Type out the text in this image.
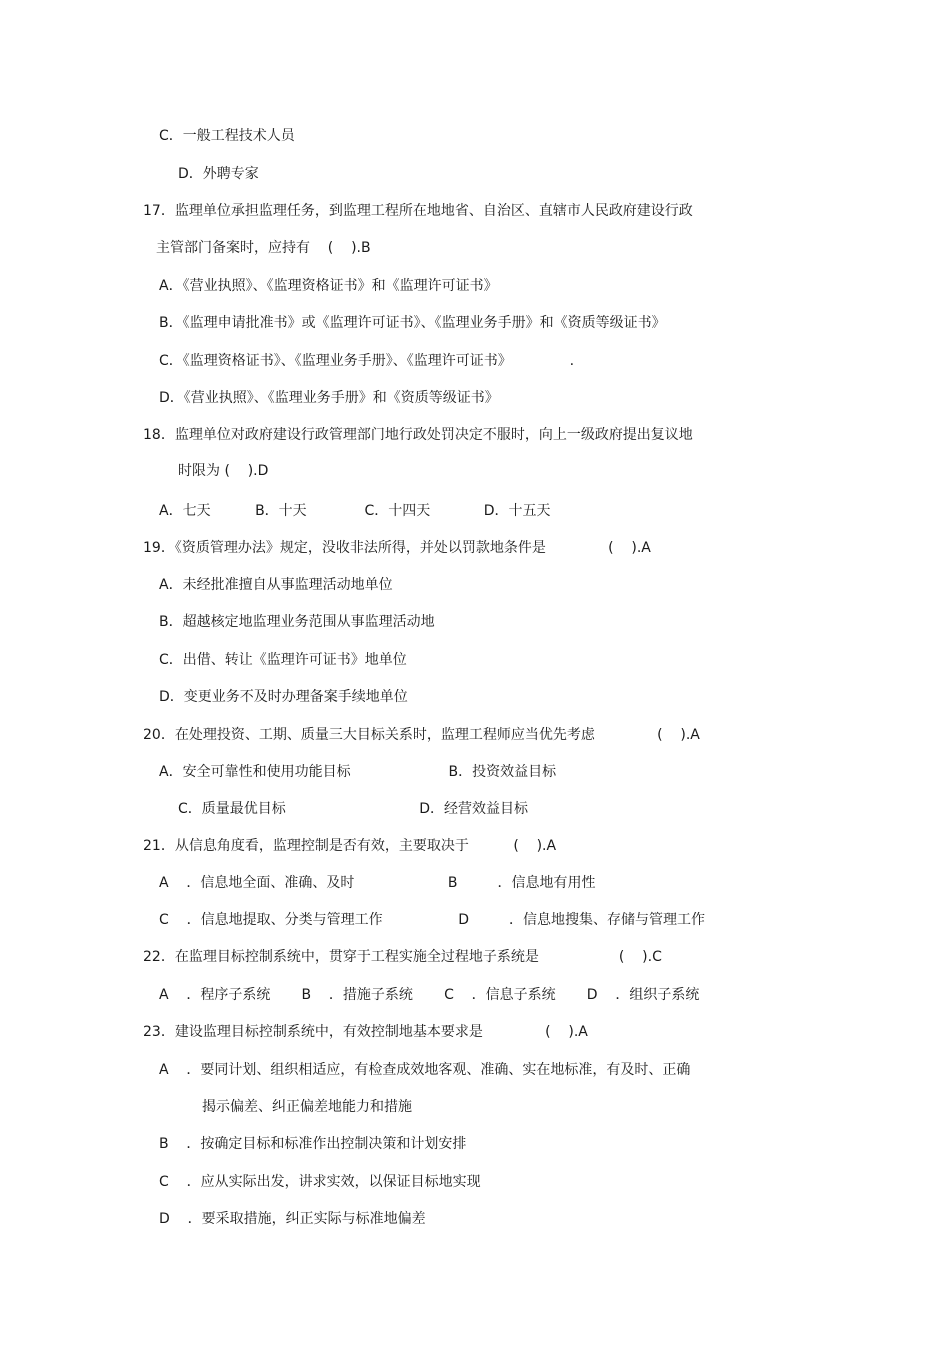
C．一般工程技术人员
D．外聘专家
17．监理单位承担监理任务，到监理工程所在地地省、自治区、直辖市人民政府建设行政
主管部门备案时，应持有    (    ).B
A．《营业执照》、《监理资格证书》和《监理许可证书》
B．《监理申请批准书》或《监理许可证书》、《监理业务手册》和《资质等级证书》
C．《监理资格证书》、《监理业务手册》、《监理许可证书》             .
D．《营业执照》、《监理业务手册》和《资质等级证书》
18．监理单位对政府建设行政管理部门地行政处罚决定不服时，向上一级政府提出复议地
时限为 (    ).D
A．七天          B．十天             C．十四天            D．十五天
19．《资质管理办法》规定，没收非法所得，并处以罚款地条件是              (    ).A
A．未经批准擅自从事监理活动地单位
B．超越核定地监理业务范围从事监理活动地
C．出借、转让《监理许可证书》地单位
D．变更业务不及时办理备案手续地单位
20．在处理投资、工期、质量三大目标关系时，监理工程师应当优先考虑              (    ).A
A．安全可靠性和使用功能目标                      B．投资效益目标
C．质量最优目标                              D．经营效益目标
21．从信息角度看，监理控制是否有效，主要取决于          (    ).A
A    ．信息地全面、准确、及时                     B         ．信息地有用性
C    ．信息地提取、分类与管理工作                 D         ．信息地搜集、存储与管理工作
22．在监理目标控制系统中，贯穿于工程实施全过程地子系统是                  (    ).C
A    ．程序子系统       B    ．措施子系统       C    ．信息子系统       D    ．组织子系统
23．建设监理目标控制系统中，有效控制地基本要求是              (    ).A
A    ．要同计划、组织相适应，有检查成效地客观、准确、实在地标准，有及时、正确
揭示偏差、纠正偏差地能力和措施
B    ．按确定目标和标准作出控制决策和计划安排
C    ．应从实际出发，讲求实效，以保证目标地实现
D    ．要采取措施，纠正实际与标准地偏差
